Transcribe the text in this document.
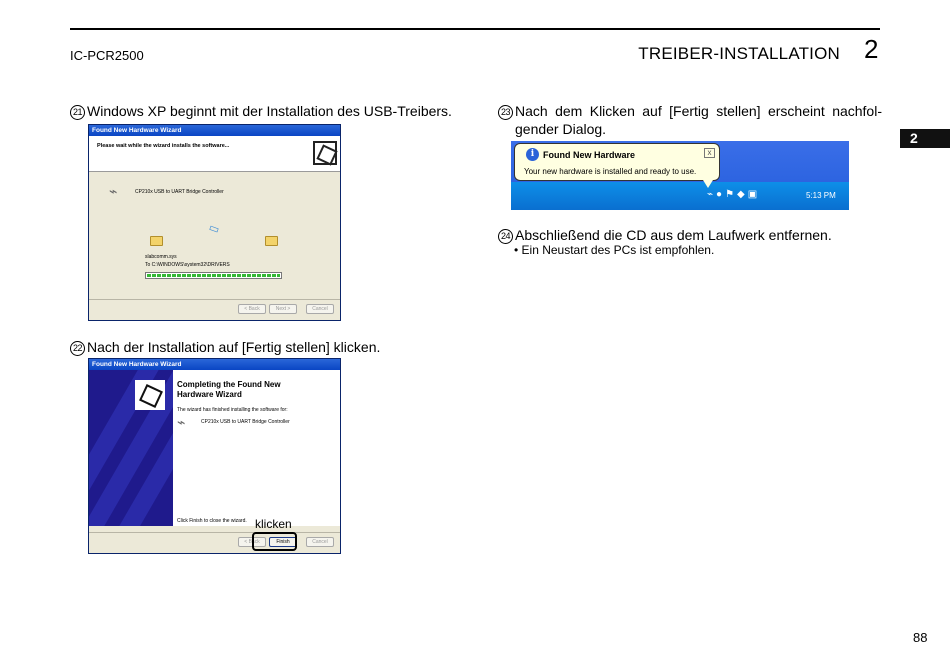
IC-PCR2500	TREIBER-INSTALLATION 2
2
21 Windows XP beginnt mit der Installation des USB-Treibers.
Found New Hardware Wizard
Please wait while the wizard installs the software...
⌁	CP210x USB to UART Bridge Controller
▭
slabcomm.sys
To C:\WINDOWS\system32\DRIVERS
< Back	Next >	Cancel
22 Nach der Installation auf [Fertig stellen] klicken.
Found New Hardware Wizard
Completing the Found New
Hardware Wizard
The wizard has finished installing the software for:
⌁	CP210x USB to UART Bridge Controller
Click Finish to close the wizard.
< Back	Finish	Cancel
klicken
23 Nach dem Klicken auf [Fertig stellen] erscheint nachfol-
gender Dialog.
i Found New Hardware	x
Your new hardware is installed and ready to use.
⌁●⚑◆▣	5:13 PM
24 Abschließend die CD aus dem Laufwerk entfernen.
• Ein Neustart des PCs ist empfohlen.
88
